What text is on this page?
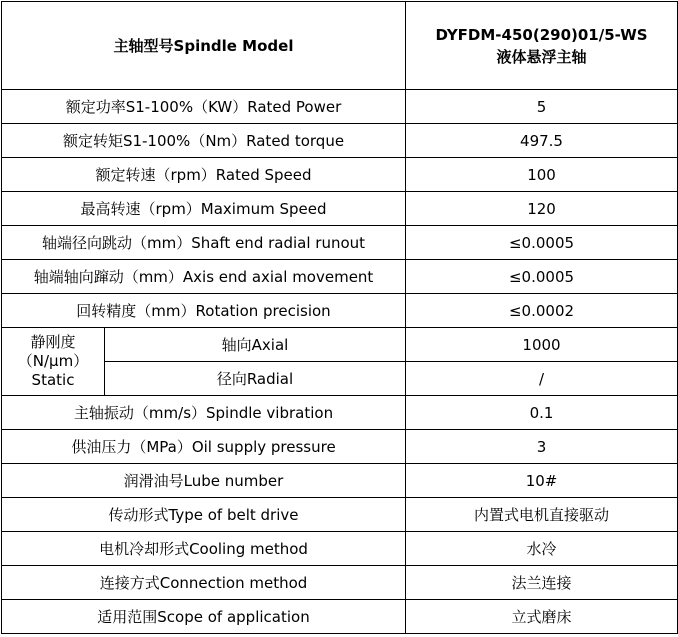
主轴型号Spindle Model		DYFDM-450(290)01/5-WS
液体悬浮主轴

额定功率S1-100%（KW）Rated Power		5
额定转矩S1-100%（Nm）Rated torque		497.5
额定转速（rpm）Rated Speed		100
最高转速（rpm）Maximum Speed		120
轴端径向跳动（mm）Shaft end radial runout		≤0.0005
轴端轴向蹿动（mm）Axis end axial movement		≤0.0005
回转精度（mm）Rotation precision		≤0.0002

静刚度
（N/μm）
Static	轴向Axial	1000
	径向Radial	/
主轴振动（mm/s）Spindle vibration		0.1
供油压力（MPa）Oil supply pressure		3
润滑油号Lube number		10#
传动形式Type of belt drive		内置式电机直接驱动
电机冷却形式Cooling method		水冷
连接方式Connection method		法兰连接
适用范围Scope of application		立式磨床
